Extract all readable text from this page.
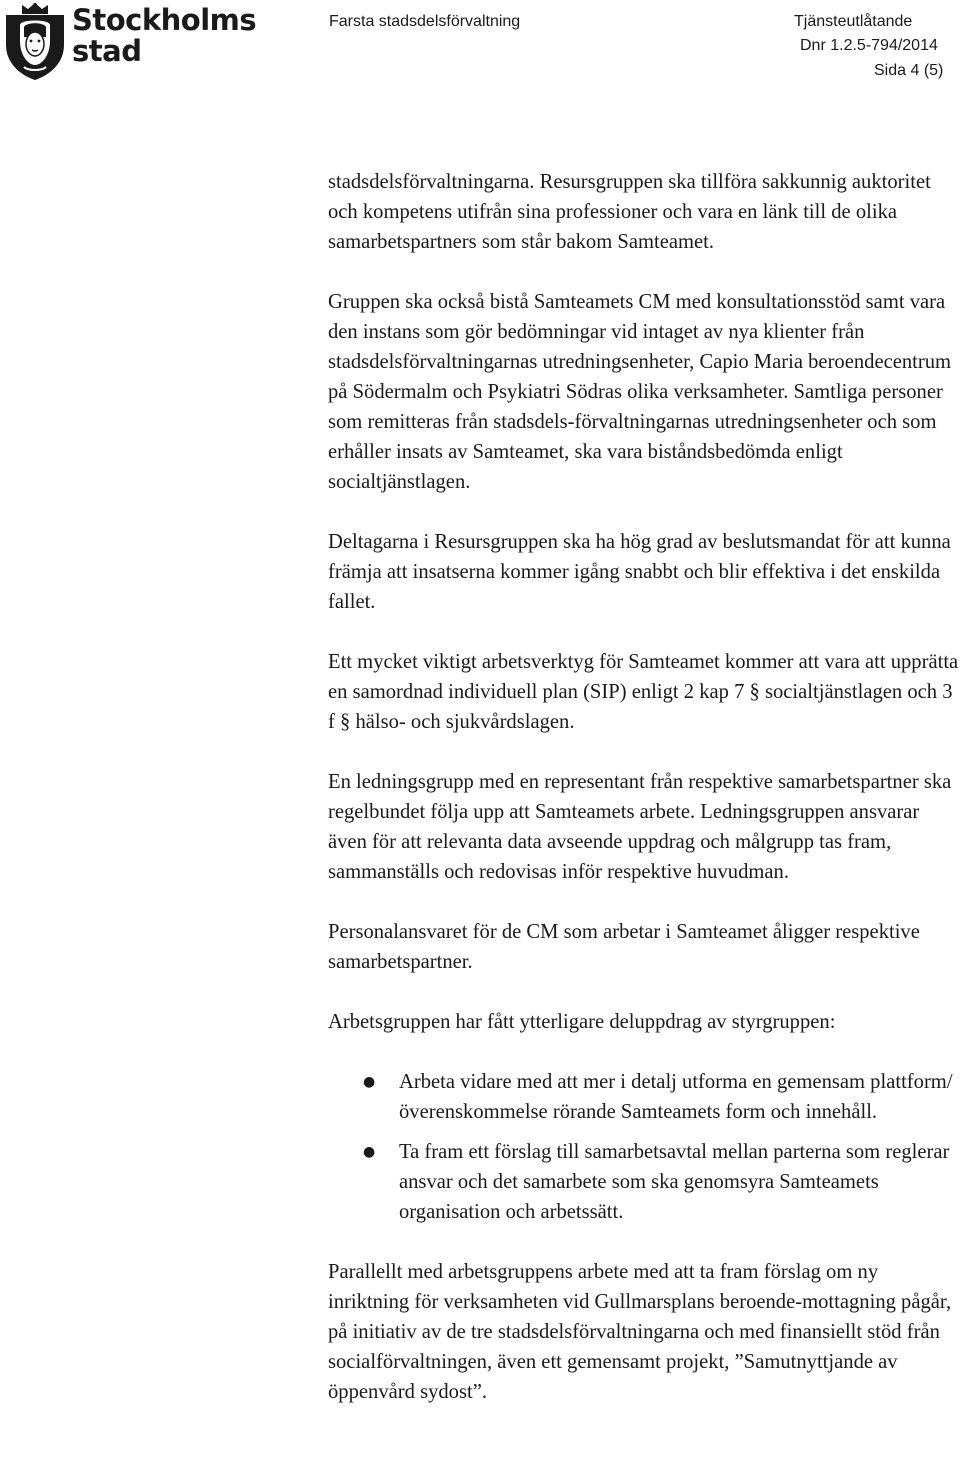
Stockholms
stad
Farsta stadsdelsförvaltning	Tjänsteutlåtande
Dnr 1.2.5-794/2014
Sida 4 (5)

stadsdelsförvaltningarna. Resursgruppen ska tillföra sakkunnig auktoritet och kompetens utifrån sina professioner och vara en länk till de olika samarbetspartners som står bakom Samteamet.

Gruppen ska också bistå Samteamets CM med konsultationsstöd samt vara den instans som gör bedömningar vid intaget av nya klienter från stadsdelsförvaltningarnas utredningsenheter, Capio Maria beroendecentrum på Södermalm och Psykiatri Södras olika verksamheter. Samtliga personer som remitteras från stadsdels-förvaltningarnas utredningsenheter och som erhåller insats av Samteamet, ska vara biståndsbedömda enligt socialtjänstlagen.

Deltagarna i Resursgruppen ska ha hög grad av beslutsmandat för att kunna främja att insatserna kommer igång snabbt och blir effektiva i det enskilda fallet.

Ett mycket viktigt arbetsverktyg för Samteamet kommer att vara att upprätta en samordnad individuell plan (SIP) enligt 2 kap 7 § socialtjänstlagen och 3 f § hälso- och sjukvårdslagen.

En ledningsgrupp med en representant från respektive samarbetspartner ska regelbundet följa upp att Samteamets arbete. Ledningsgruppen ansvarar även för att relevanta data avseende uppdrag och målgrupp tas fram, sammanställs och redovisas inför respektive huvudman.

Personalansvaret för de CM som arbetar i Samteamet åligger respektive samarbetspartner.

Arbetsgruppen har fått ytterligare deluppdrag av styrgruppen:

● Arbeta vidare med att mer i detalj utforma en gemensam plattform/överenskommelse rörande Samteamets form och innehåll.
● Ta fram ett förslag till samarbetsavtal mellan parterna som reglerar ansvar och det samarbete som ska genomsyra Samteamets organisation och arbetssätt.

Parallellt med arbetsgruppens arbete med att ta fram förslag om ny inriktning för verksamheten vid Gullmarsplans beroende-mottagning pågår, på initiativ av de tre stadsdelsförvaltningarna och med finansiellt stöd från socialförvaltningen, även ett gemensamt projekt, ”Samutnyttjande av öppenvård sydost”.
